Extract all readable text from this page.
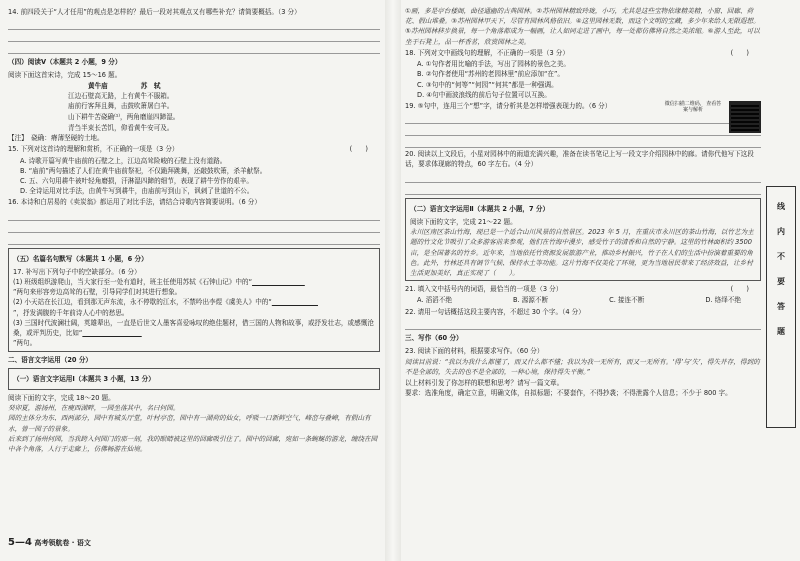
14. 前四段关于“人才任用”的观点是怎样的？最后一段对其观点又有哪些补充？请简要概括。（3 分）
（四）阅读Ⅴ（本题共 2 小题，9 分）
阅读下面这首宋诗，完成 15～16 题。
黄牛庙　　　　　苏　轼
江边石壁高无路，上有黄牛不服箱。
庙前行客拜且舞，击鼓吹箫屠白羊。
山下耕牛苦硗确⁽¹⁾，两角磨崖四蹄湿。
青刍半束长苦饥，仰看黄牛安可及。
【注】　硗确：瘠薄坚硬的土地。
15. 下列对这首诗的理解和赏析，不正确的一项是（3 分）	(　　)
A. 诗歌开篇写黄牛庙前的石壁之上，江边高耸险峻的石壁上没有道路。
B. “庙前”两句描述了人们在黄牛庙前祭祀，不仅跪拜跳舞，还敲鼓吹箫，杀羊献祭。
C. 五、六句用耕牛被叶轻角磨损，汗淋湿四蹄的细节，表现了耕牛劳作的艰辛。
D. 全诗运用对比手法，由黄牛写到耕牛，由庙前写到山下，讽刺了世道的不公。
16. 本诗和白居易的《卖炭翁》都运用了对比手法，请结合诗歌内容简要说明。（6 分）
（五）名篇名句默写（本题共 1 小题，6 分）
17. 补写出下列句子中的空缺部分。（6 分）
(1) 班级组织游爬山，当大家行至一处有道时，班主任使用苏轼《石钟山记》中的“　　　　　　　　
”两句来形容旁边高耸的石壁，引导同学们对其进行想象。
(2) 小天站在长江边，看到那无声东流，永不停歇的江水，不禁吟出李煜《虞美人》中的“　　　　　　　
”，抒发满腹的千年前诗人心中的愁思。
(3) 三国时代波澜壮阔，英雄辈出，一直是后世文人墨客喜爱咏叹的绝佳题材，借三国的人物和故事，或抒发壮志，或感慨沧桑，或评判历史，比如“　　　　　　　　　
”两句。
二、语言文字运用（20 分）
（一）语言文字运用Ⅰ（本题共 3 小题，13 分）
阅读下面的文字，完成 18～20 题。
癸卯夏，游扬州，在瘦西湖畔，一园坐落其中，名曰何园。
园的主体分为东、西两部分，园中有城头厅堂，叶村亭峦，园中有一湖荷的仙女，呼吸一口新鲜空气，峰峦与叠嶂，有假山有水，曾一园子的景象。
后来到了扬州何园，当我跨入何园门的那一刻，我的眼睛被这里的回廊吸引住了。园中的回廊，宛如一条蜿蜒的游龙，缠绕在园中各个角落，人行于走廊上，仿佛畅游在仙境。
5—4 高考领航卷 · 语文
①画，多是亭台楼阁，曲径通幽的古典园林。②苏州园林精致玲珑，小巧，尤其是这些宝物依缘精美精，小窗、回廊、荷花、假山堆叠。③苏州园林甲天下，尽管有园林风格依旧。④这里园林无数，而这个文明的宝藏，多少年来给人无限遐想。⑤苏州园林移步换景，每一个角落都成为一幅画，让人如同走进了画中，每一处都仿佛将自然之美浓缩。⑥游人至此，可以坐于石凳上，品一杯香茗，欣赏园林之美。
18. 下列对文中画线句的理解，不正确的一项是（3 分）	(　　)
A. ①句作者用比喻的手法，写出了园林的景色之美。
B. ②句作者使用“苏州的老园林里”前应添加“在”。
C. ③句中的“何等”“何园”“何其”都是一种强调。
D. ④句中画波浪线的前后句子位置可以互换。
微信扫描二维码， 查看答案与解析
19. ⑤句中，连用三个“想”字，请分析其是怎样增强表现力的。（6 分）
20. 阅读以上文段后，小星对园林中的雨道充满兴趣，准备在读书笔记上写一段文字介绍园林中的廊。请你代他写下这段话，要求体现廊的特点，60 字左右。（4 分）
（二）语言文字运用Ⅱ（本题共 2 小题，7 分）
阅读下面的文字，完成 21～22 题。
永川区南区茶山竹海，现已是一个适合山川风景的自然景区。2023 年 5 月，在重庆市永川区的茶山竹海，以竹艺为主题的竹文化节吸引了众多游客前来参观，他们在竹海中漫步，感受竹子的清香和自然的宁静。这里的竹林面积约 3500 亩，是全国著名的竹乡。近年来，当地依托竹资源发展旅游产业，推动乡村振兴，竹子在人们的生活中扮演着重要的角色。此外，竹林还具有调节气候、保持水土等功能。这片竹海不仅美化了环境，更为当地居民带来了经济效益，让乡村生活更加美好，真正实现了（　　）。
21. 填入文中括号内的词语，最恰当的一项是（3 分）	(　　)
A. 滔滔不绝	B. 源源不断	C. 接连不断	D. 络绎不绝
22. 请用一句话概括这段主要内容，不超过 30 个字。（4 分）
三、写作（60 分）
23. 阅读下面的材料，根据要求写作。（60 分）
阅读目前说：“我以为我什么都懂了，而又什么都不懂；我以为我一无所有，而又一无所有。‘得’与‘失’，得失并存，得到的不是全部的，失去的也不是全部的，一种心境，保持得失平衡。”
以上材料引发了你怎样的联想和思考？请写一篇文章。
要求：选准角度，确定立意，明确文体，自拟标题；不要套作，不得抄袭；不得泄露个人信息；不少于 800 字。
线
内
不
要
答
题
